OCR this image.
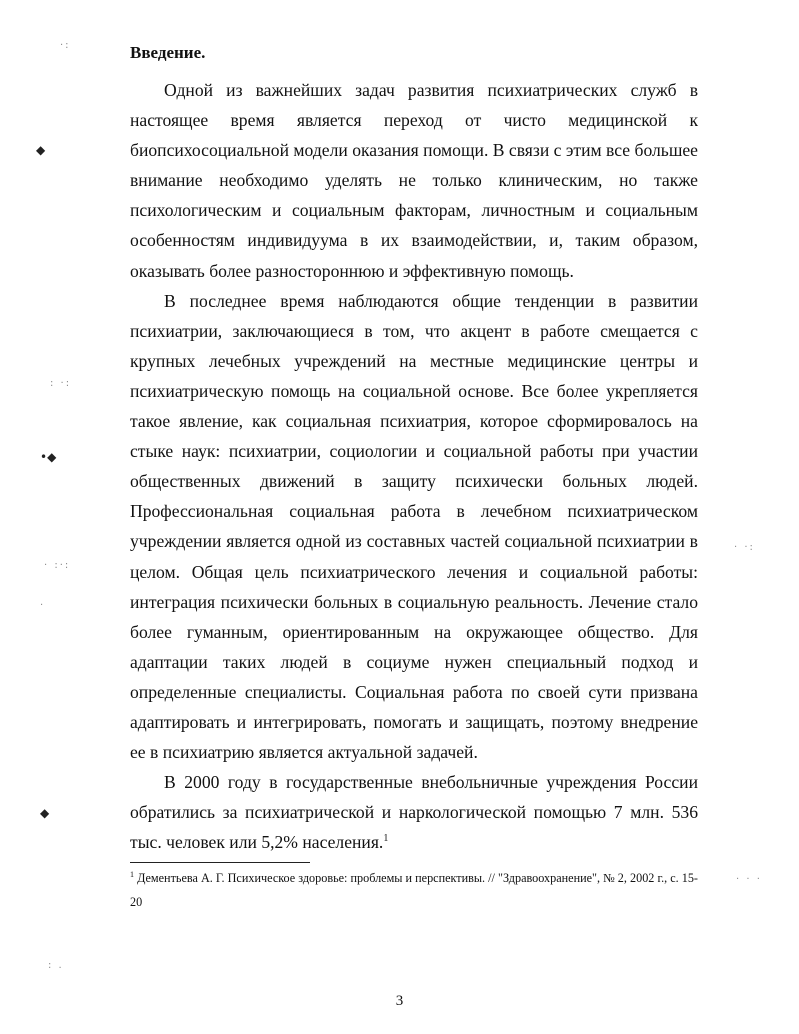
·:
◆
: ·:
•◆
· :·:
·
· ·:
◆
· · ·
: .
Введение.

Одной из важнейших задач развития психиатрических служб в настоящее время является переход от чисто медицинской к биопсихосоциальной модели оказания помощи. В связи с этим все большее внимание необходимо уделять не только клиническим, но также психологическим и социальным факторам, личностным и социальным особенностям индивидуума в их взаимодействии, и, таким образом, оказывать более разностороннюю и эффективную помощь.

В последнее время наблюдаются общие тенденции в развитии психиатрии, заключающиеся в том, что акцент в работе смещается с крупных лечебных учреждений на местные медицинские центры и психиатрическую помощь на социальной основе. Все более укрепляется такое явление, как социальная психиатрия, которое сформировалось на стыке наук: психиатрии, социологии и социальной работы при участии общественных движений в защиту психически больных людей. Профессиональная социальная работа в лечебном психиатрическом учреждении является одной из составных частей социальной психиатрии в целом. Общая цель психиатрического лечения и социальной работы: интеграция психически больных в социальную реальность. Лечение стало более гуманным, ориентированным на окружающее общество. Для адаптации таких людей в социуме нужен специальный подход и определенные специалисты. Социальная работа по своей сути призвана адаптировать и интегрировать, помогать и защищать, поэтому внедрение ее в психиатрию является актуальной задачей.

В 2000 году в государственные внебольничные учреждения России обратились за психиатрической и наркологической помощью 7 млн. 536 тыс. человек или 5,2% населения.$^1$

$^1$ Дементьева А. Г. Психическое здоровье: проблемы и перспективы. // "Здравоохранение", № 2, 2002 г., с. 15-20
3
